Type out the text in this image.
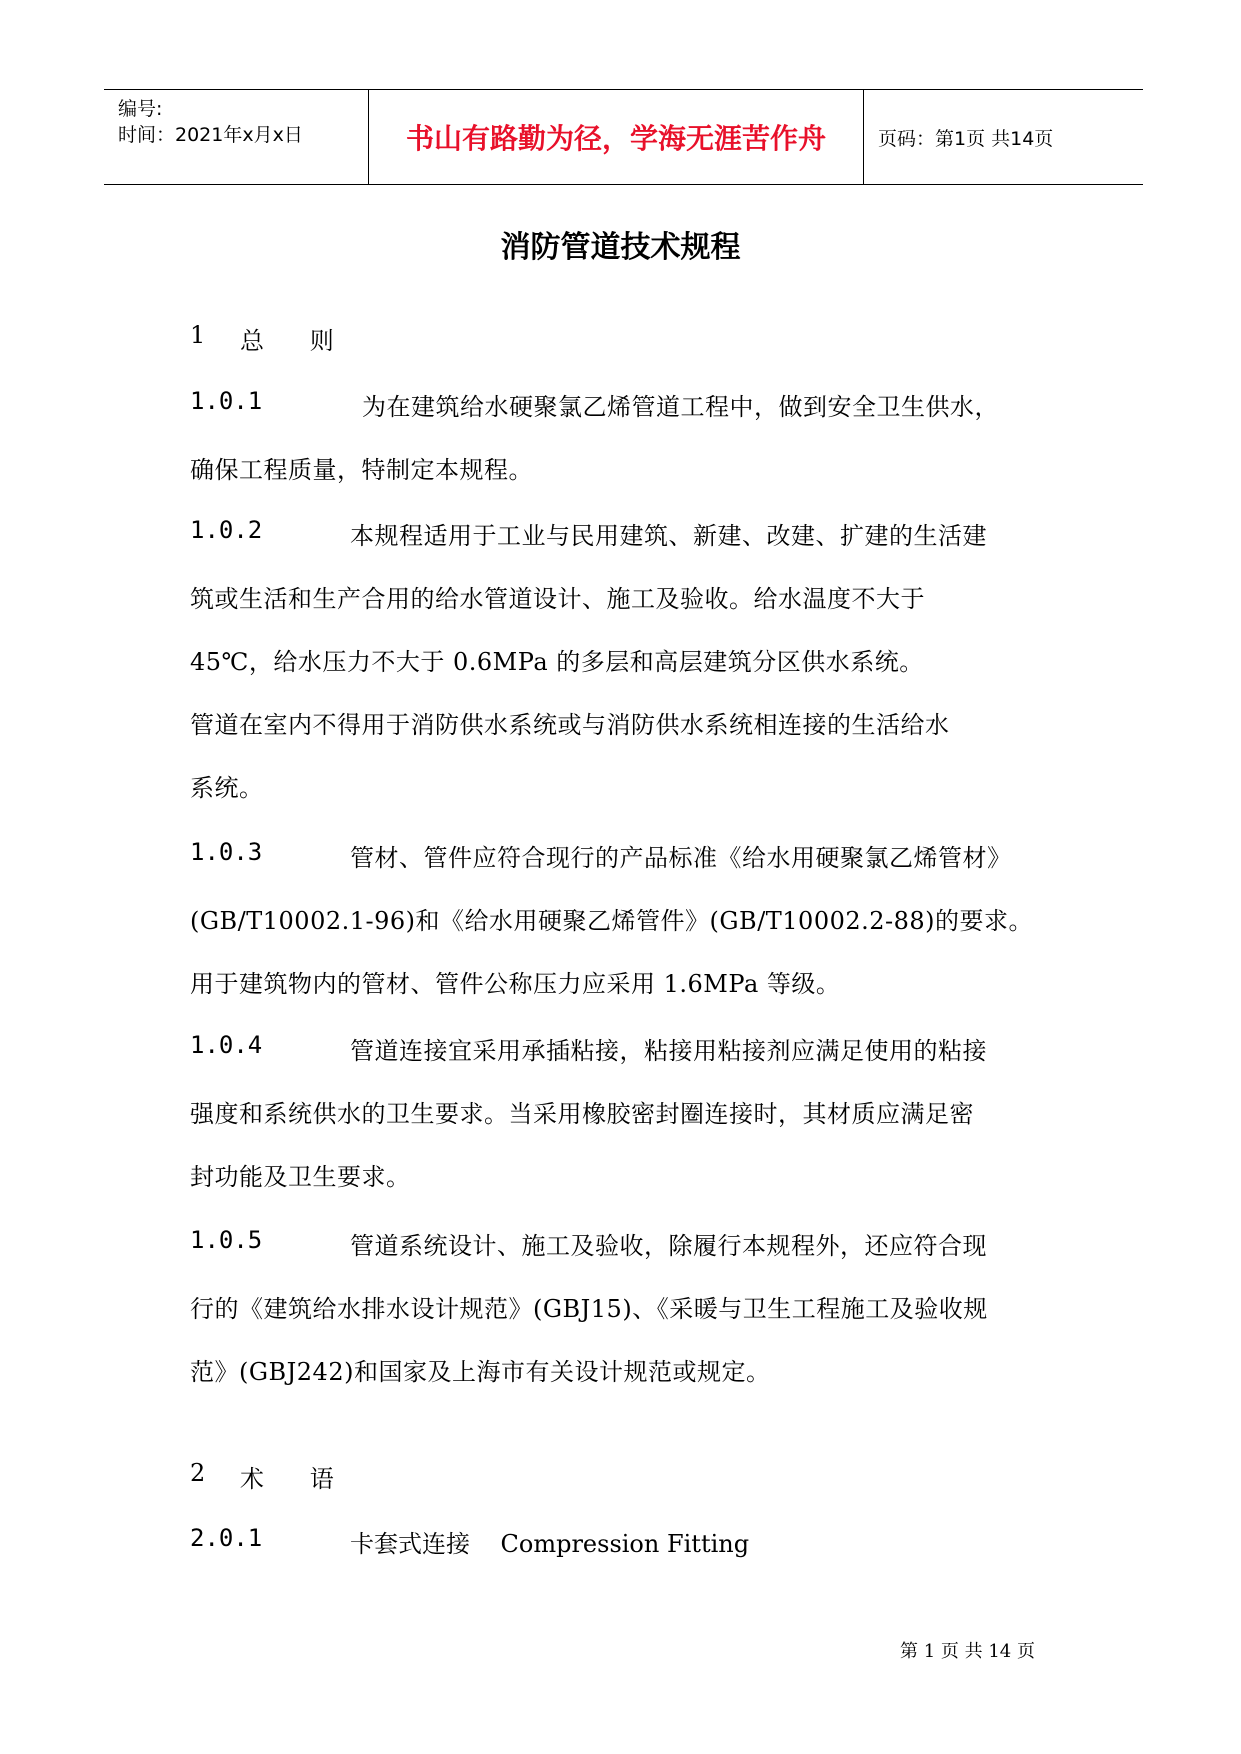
编号:
时间：2021年x月x日	书山有路勤为径，学海无涯苦作舟	页码：第1页 共14页
消防管道技术规程
1 总      则
1.0.1	为在建筑给水硬聚氯乙烯管道工程中，做到安全卫生供水，
确保工程质量，特制定本规程。
1.0.2	本规程适用于工业与民用建筑、新建、改建、扩建的生活建
筑或生活和生产合用的给水管道设计、施工及验收。给水温度不大于
45℃，给水压力不大于 0.6MPa 的多层和高层建筑分区供水系统。
管道在室内不得用于消防供水系统或与消防供水系统相连接的生活给水
系统。
1.0.3	管材、管件应符合现行的产品标准《给水用硬聚氯乙烯管材》
(GB/T10002.1-96)和《给水用硬聚乙烯管件》(GB/T10002.2-88)的要求。
用于建筑物内的管材、管件公称压力应采用 1.6MPa 等级。
1.0.4	管道连接宜采用承插粘接，粘接用粘接剂应满足使用的粘接
强度和系统供水的卫生要求。当采用橡胶密封圈连接时，其材质应满足密
封功能及卫生要求。
1.0.5	管道系统设计、施工及验收，除履行本规程外，还应符合现
行的《建筑给水排水设计规范》(GBJ15)、《采暖与卫生工程施工及验收规
范》(GBJ242)和国家及上海市有关设计规范或规定。
2 术      语
2.0.1	卡套式连接    Compression Fitting
第 1 页 共 14 页
